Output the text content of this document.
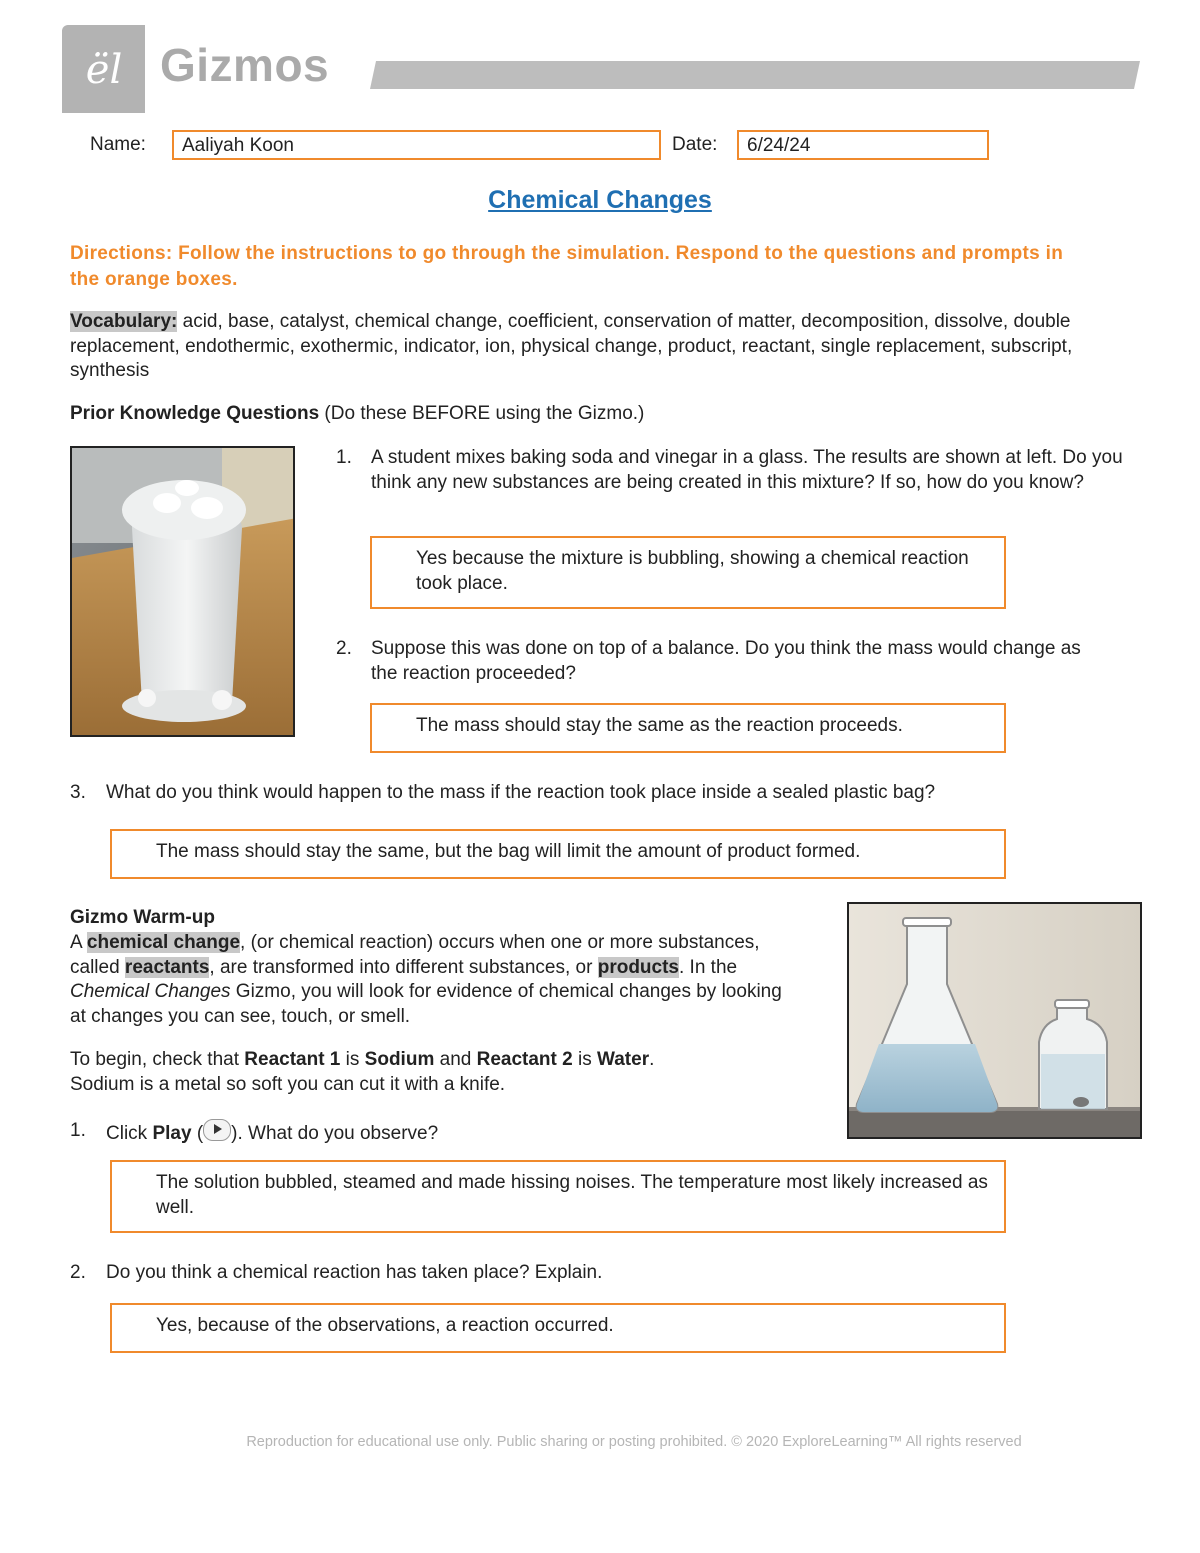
ël Gizmos
Name:	Aaliyah Koon	Date:	6/24/24
Chemical Changes
Directions: Follow the instructions to go through the simulation. Respond to the questions and prompts in the orange boxes.
Vocabulary: acid, base, catalyst, chemical change, coefficient, conservation of matter, decomposition, dissolve, double replacement, endothermic, exothermic, indicator, ion, physical change, product, reactant, single replacement, subscript, synthesis
Prior Knowledge Questions (Do these BEFORE using the Gizmo.)
1. A student mixes baking soda and vinegar in a glass. The results are shown at left. Do you think any new substances are being created in this mixture? If so, how do you know?
Yes because the mixture is bubbling, showing a chemical reaction took place.
2. Suppose this was done on top of a balance. Do you think the mass would change as the reaction proceeded?
The mass should stay the same as the reaction proceeds.
3. What do you think would happen to the mass if the reaction took place inside a sealed plastic bag?
The mass should stay the same, but the bag will limit the amount of product formed.
Gizmo Warm-up
A chemical change, (or chemical reaction) occurs when one or more substances, called reactants, are transformed into different substances, or products. In the Chemical Changes Gizmo, you will look for evidence of chemical changes by looking at changes you can see, touch, or smell.
To begin, check that Reactant 1 is Sodium and Reactant 2 is Water.
Sodium is a metal so soft you can cut it with a knife.
1. Click Play ( ). What do you observe?
The solution bubbled, steamed and made hissing noises. The temperature most likely increased as well.
2. Do you think a chemical reaction has taken place? Explain.
Yes, because of the observations, a reaction occurred.
Reproduction for educational use only. Public sharing or posting prohibited. © 2020 ExploreLearning™ All rights reserved
